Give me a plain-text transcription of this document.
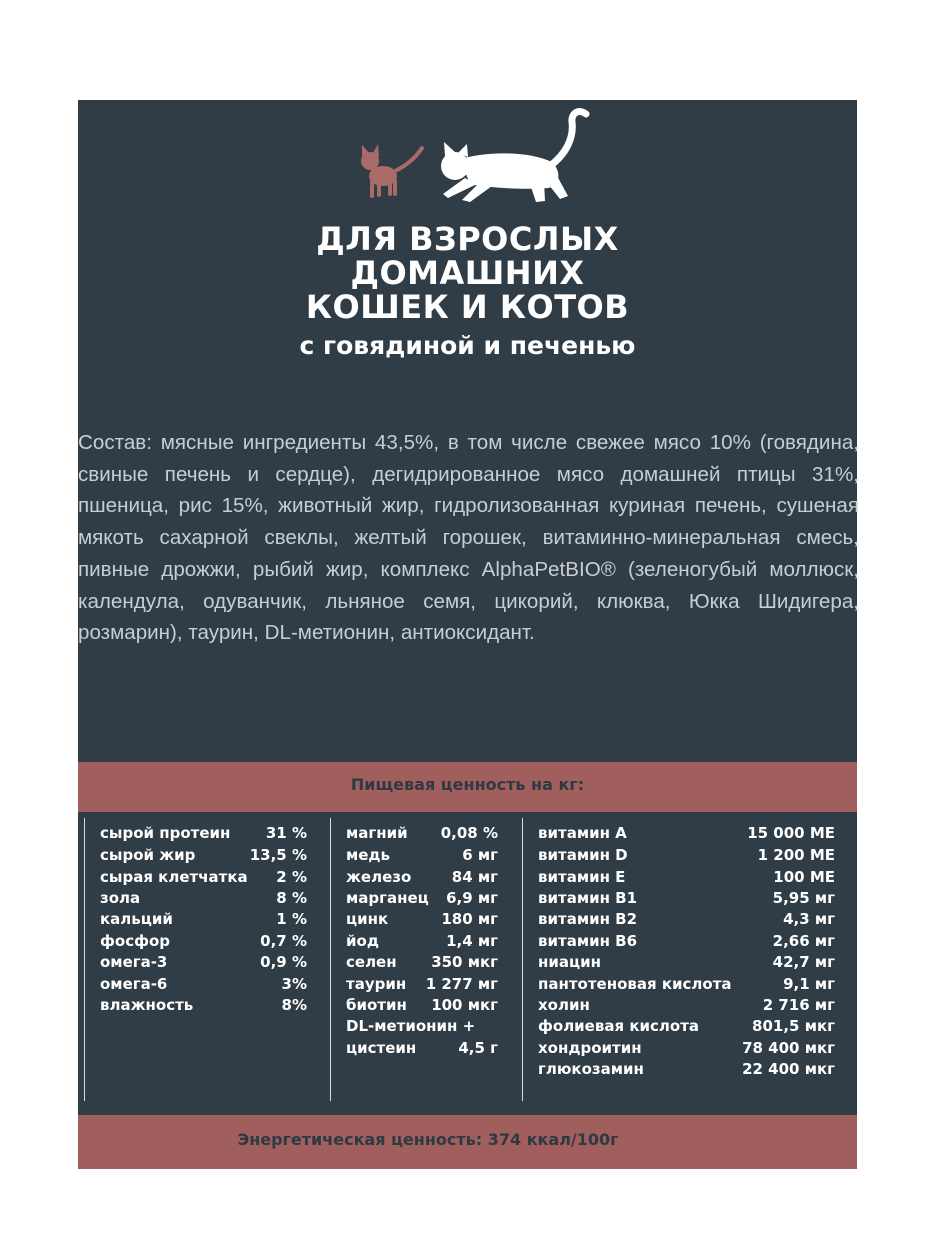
ДЛЯ ВЗРОСЛЫХ
ДОМАШНИХ
КОШЕК И КОТОВ
с говядиной и печенью
Состав: мясные ингредиенты 43,5%, в том числе свежее мясо 10% (говядина,
свиные печень и сердце), дегидрированное мясо домашней птицы 31%,
пшеница, рис 15%, животный жир, гидролизованная куриная печень, сушеная
мякоть сахарной свеклы, желтый горошек, витаминно-минеральная смесь,
пивные дрожжи, рыбий жир, комплекс AlphaPetBIO® (зеленогубый моллюск,
календула, одуванчик, льняное семя, цикорий, клюква, Юкка Шидигера,
розмарин), таурин, DL-метионин, антиоксидант.
Пищевая ценность на кг:
сырой протеин 31 %
сырой жир	13,5 %
сырая клетчатка 2 %
зола	8 %
кальций	1 %
фосфор	0,7 %
омега-3	0,9 %
омега-6	3%
влажность	8%
магний 0,08 %
медь	6 мг
железо	84 мг
марганец 6,9 мг
цинк	180 мг
йод	1,4 мг
селен 350 мкг
таурин 1 277 мг
биотин 100 мкг
DL-метионин +
цистеин	4,5 г
витамин А	15 000 МЕ
витамин D	1 200 МЕ
витамин Е	100 МЕ
витамин В1	5,95 мг
витамин В2	4,3 мг
витамин В6	2,66 мг
ниацин	42,7 мг
пантотеновая кислота	9,1 мг
холин	2 716 мг
фолиевая кислота	801,5 мкг
хондроитин	78 400 мкг
глюкозамин	22 400 мкг
Энергетическая ценность: 374 ккал/100г
